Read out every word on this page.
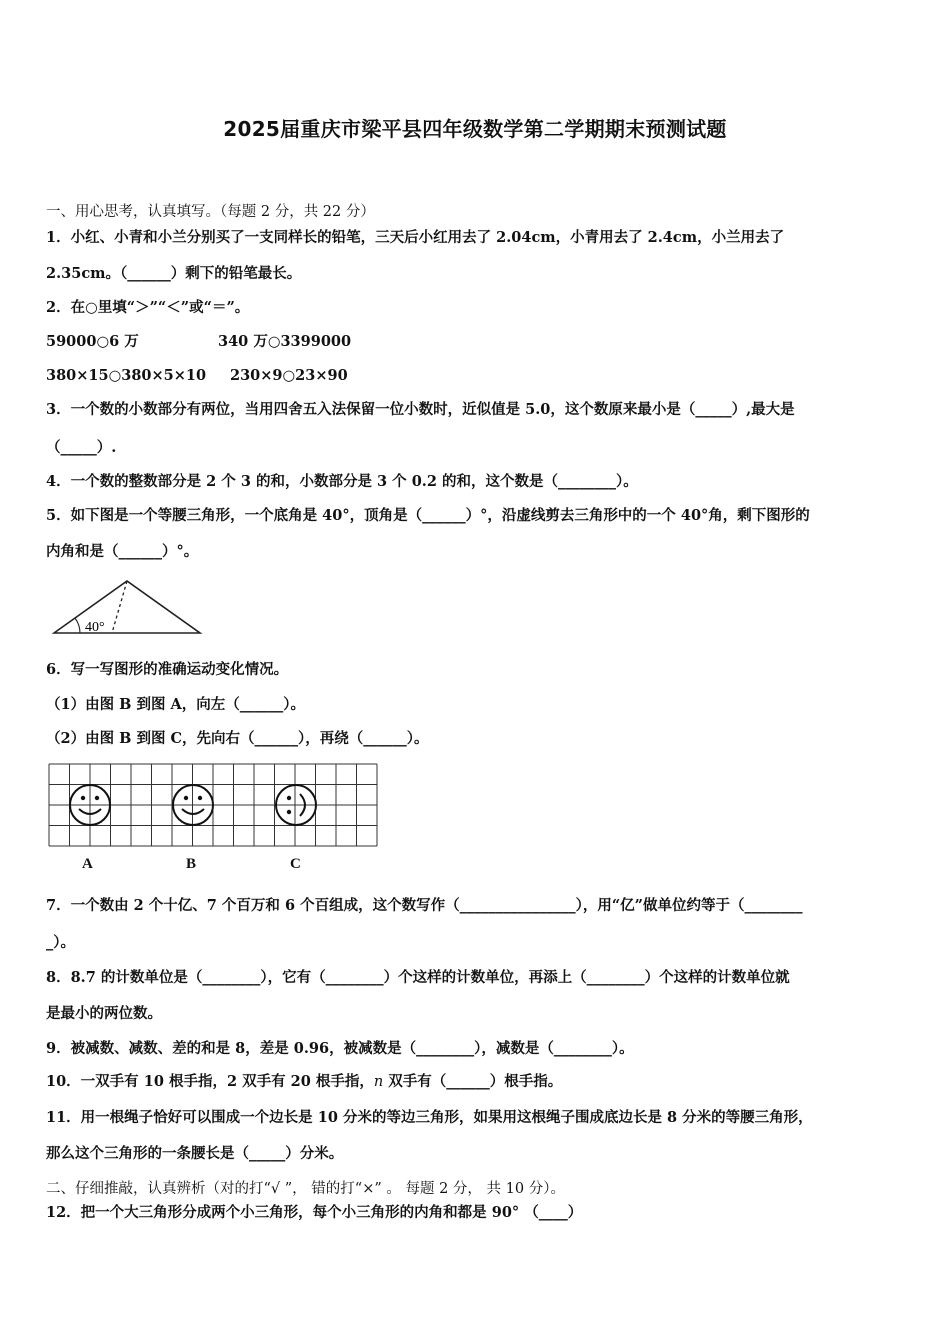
2025届重庆市梁平县四年级数学第二学期期末预测试题
一、用心思考，认真填写。（每题 2 分，共 22 分）
1．小红、小青和小兰分别买了一支同样长的铅笔，三天后小红用去了 2.04cm，小青用去了 2.4cm，小兰用去了
2.35cm。（______）剩下的铅笔最长。
2．在○里填“＞”“＜”或“＝”。
59000○6 万	340 万○3399000
380×15○380×5×10	230×9○23×90
3．一个数的小数部分有两位，当用四舍五入法保留一位小数时，近似值是 5.0，这个数原来最小是（_____）,最大是
（_____）.
4．一个数的整数部分是 2 个 3 的和，小数部分是 3 个 0.2 的和，这个数是（________）。
5．如下图是一个等腰三角形，一个底角是 40°，顶角是（______）°，沿虚线剪去三角形中的一个 40°角，剩下图形的
内角和是（______）°。
40°
6．写一写图形的准确运动变化情况。
（1）由图 B 到图 A，向左（______）。
（2）由图 B 到图 C，先向右（______），再绕（______）。
A	B	C
7．一个数由 2 个十亿、7 个百万和 6 个百组成，这个数写作（________________），用“亿”做单位约等于（________
_）。
8．8.7 的计数单位是（________），它有（________）个这样的计数单位，再添上（________）个这样的计数单位就
是最小的两位数。
9．被减数、减数、差的和是 8，差是 0.96，被减数是（________），减数是（________）。
10．一双手有 10 根手指，2 双手有 20 根手指，n 双手有（______）根手指。
11．用一根绳子恰好可以围成一个边长是 10 分米的等边三角形，如果用这根绳子围成底边长是 8 分米的等腰三角形，
那么这个三角形的一条腰长是（_____）分米。
二、仔细推敲，认真辨析（对的打“√ ”， 错的打“×” 。 每题 2 分， 共 10 分）。
12．把一个大三角形分成两个小三角形，每个小三角形的内角和都是 90° （____）
